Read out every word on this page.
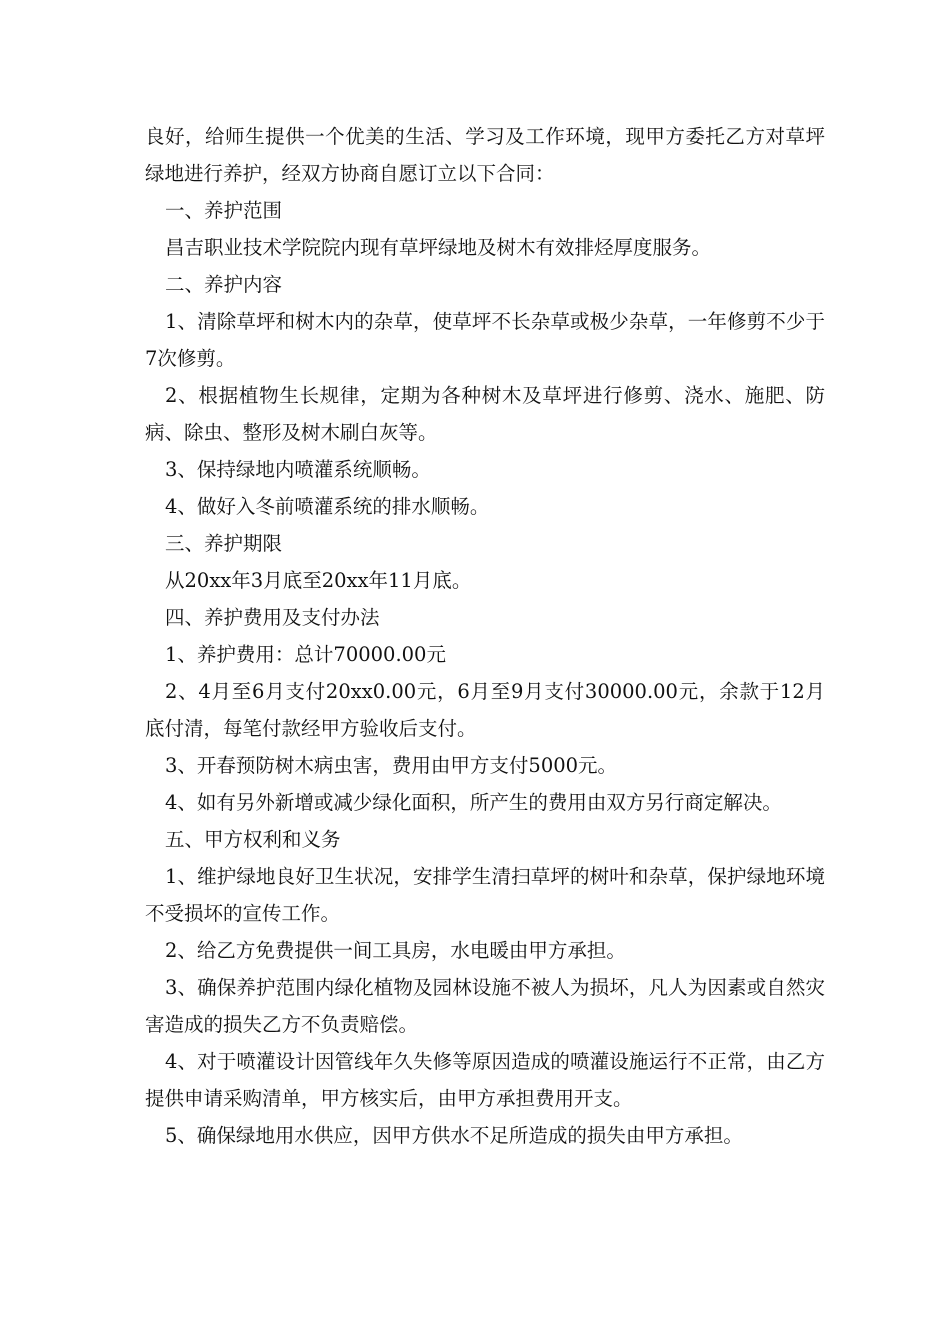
良好，给师生提供一个优美的生活、学习及工作环境，现甲方委托乙方对草坪绿地进行养护，经双方协商自愿订立以下合同：

一、养护范围

昌吉职业技术学院院内现有草坪绿地及树木有效排烃厚度服务。

二、养护内容

1、清除草坪和树木内的杂草，使草坪不长杂草或极少杂草，一年修剪不少于7次修剪。

2、根据植物生长规律，定期为各种树木及草坪进行修剪、浇水、施肥、防病、除虫、整形及树木刷白灰等。

3、保持绿地内喷灌系统顺畅。

4、做好入冬前喷灌系统的排水顺畅。

三、养护期限

从20xx年3月底至20xx年11月底。

四、养护费用及支付办法

1、养护费用：总计70000.00元

2、4月至6月支付20xx0.00元，6月至9月支付30000.00元，余款于12月底付清，每笔付款经甲方验收后支付。

3、开春预防树木病虫害，费用由甲方支付5000元。

4、如有另外新增或减少绿化面积，所产生的费用由双方另行商定解决。

五、甲方权利和义务

1、维护绿地良好卫生状况，安排学生清扫草坪的树叶和杂草，保护绿地环境不受损坏的宣传工作。

2、给乙方免费提供一间工具房，水电暖由甲方承担。

3、确保养护范围内绿化植物及园林设施不被人为损坏，凡人为因素或自然灾害造成的损失乙方不负责赔偿。

4、对于喷灌设计因管线年久失修等原因造成的喷灌设施运行不正常，由乙方提供申请采购清单，甲方核实后，由甲方承担费用开支。

5、确保绿地用水供应，因甲方供水不足所造成的损失由甲方承担。
